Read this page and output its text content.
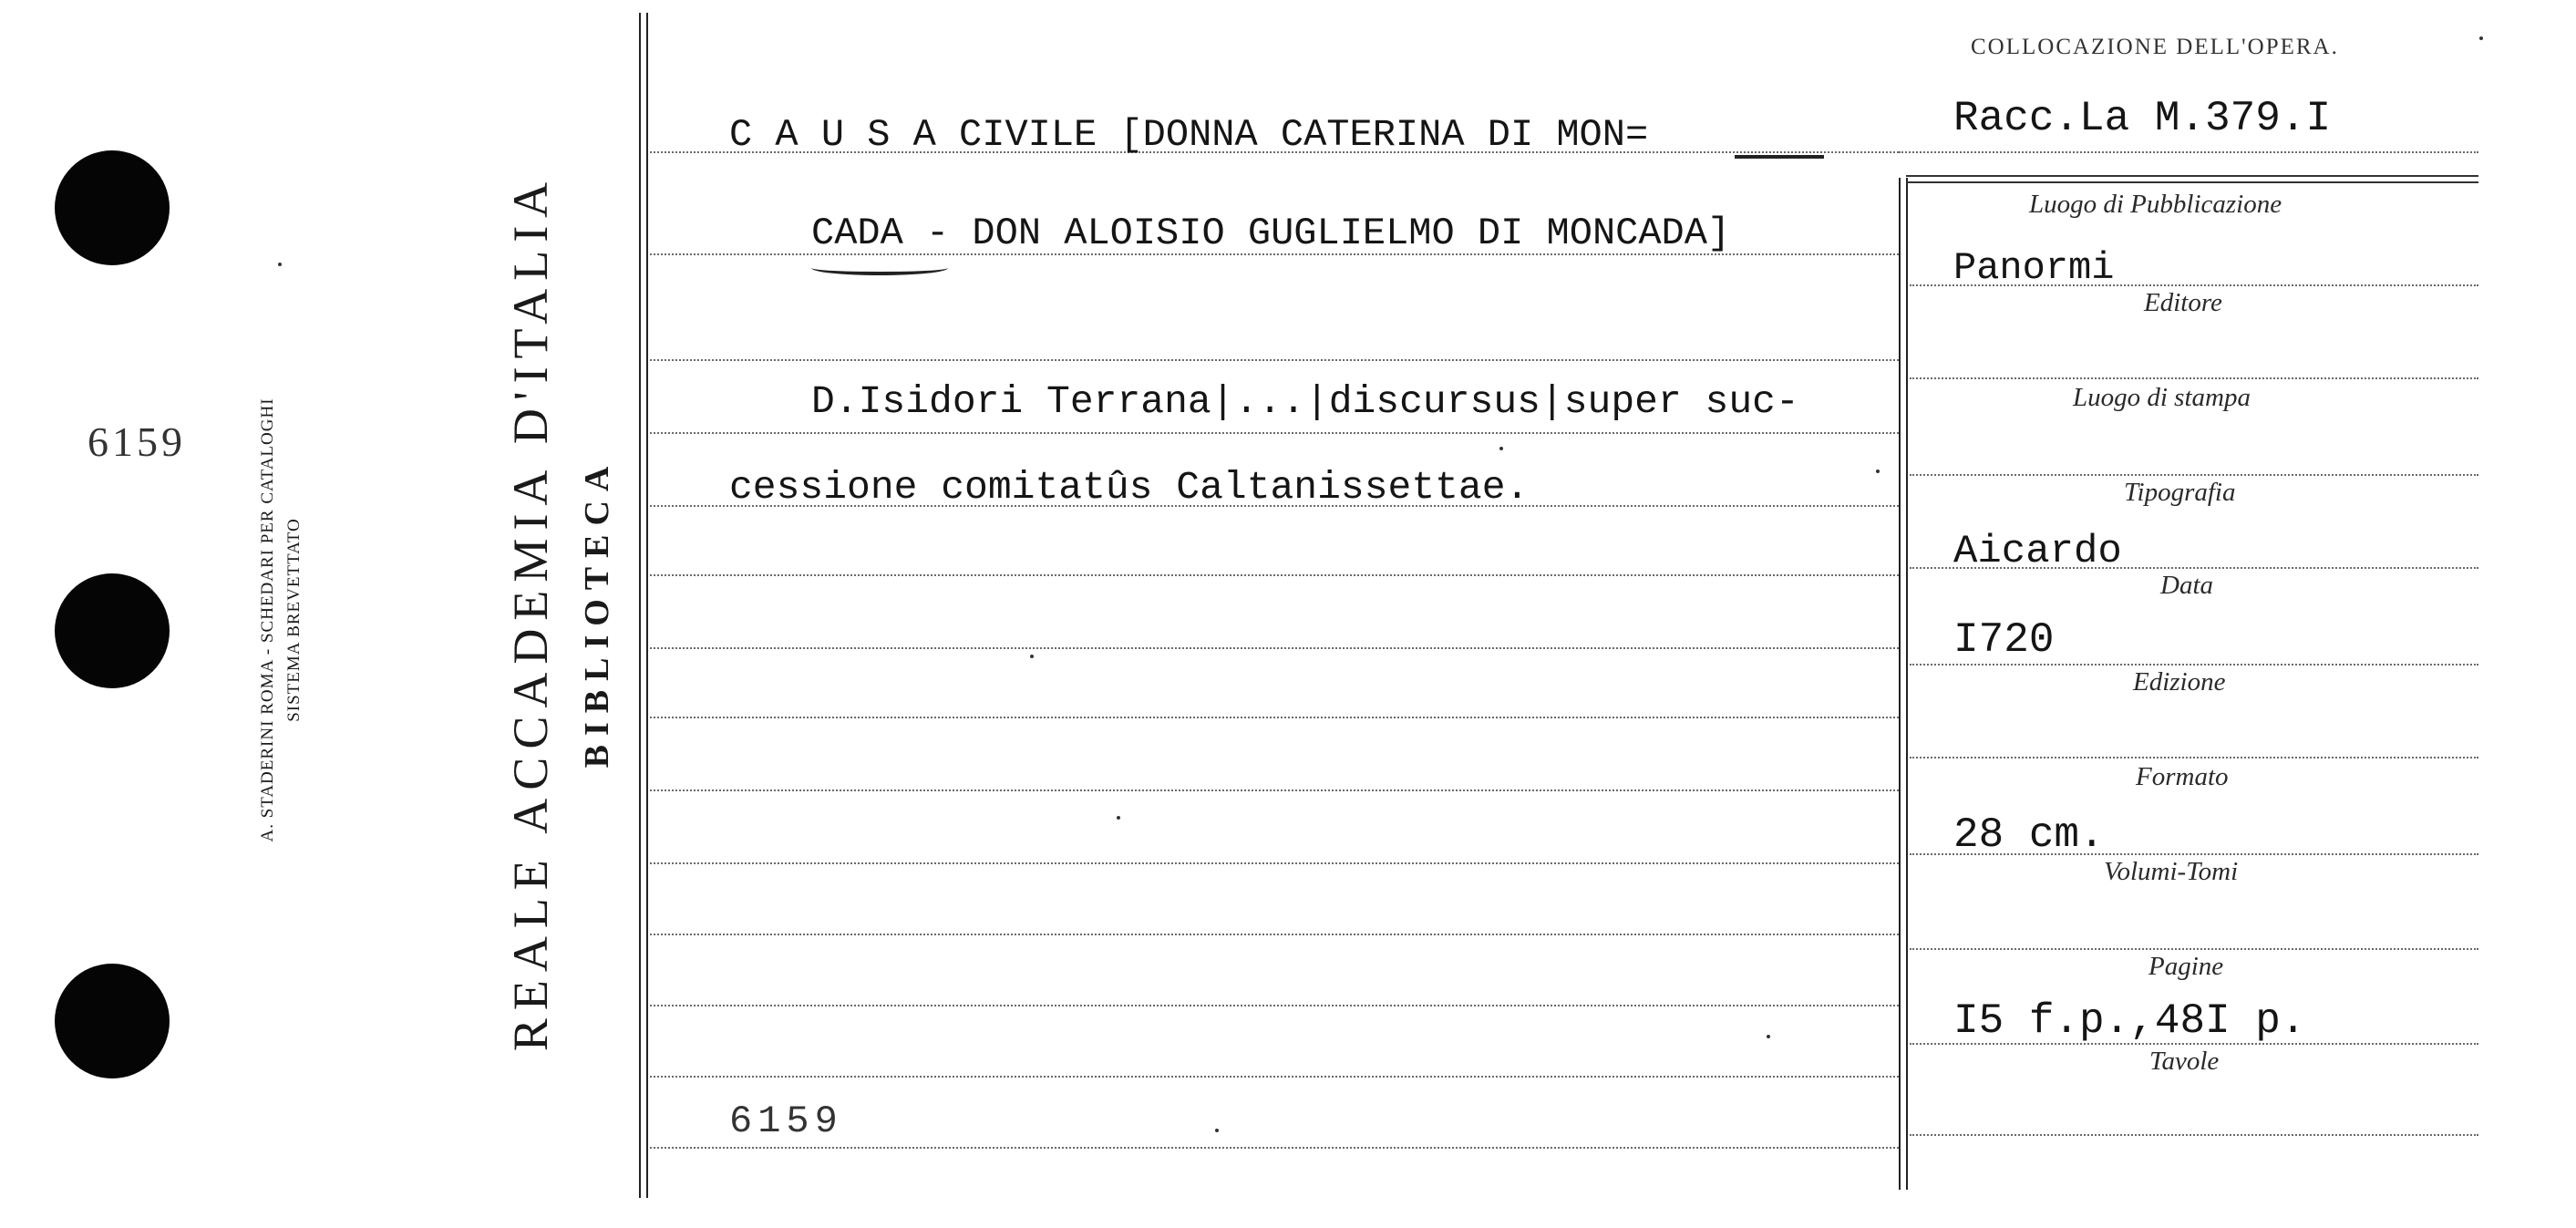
6159	A. STADERINI ROMA - SCHEDARI PER CATALOGHI SISTEMA BREVETTATO	REALE ACCADEMIA D'ITALIA BIBLIOTECA
COLLOCAZIONE DELL'OPERA.
Racc.La M.379.I
C A U S A CIVILE [DONNA CATERINA DI MON=
CADA - DON ALOISIO GUGLIELMO DI MONCADA]
D.Isidori Terrana|...|discursus|super suc-
cessione comitatûs Caltanissettae.
6159
Luogo di Pubblicazione
Panormi
Editore
Luogo di stampa
Tipografia
Aicardo
Data
I720
Edizione
Formato
28 cm.
Volumi-Tomi
Pagine
I5 f.p.,48I p.
Tavole
